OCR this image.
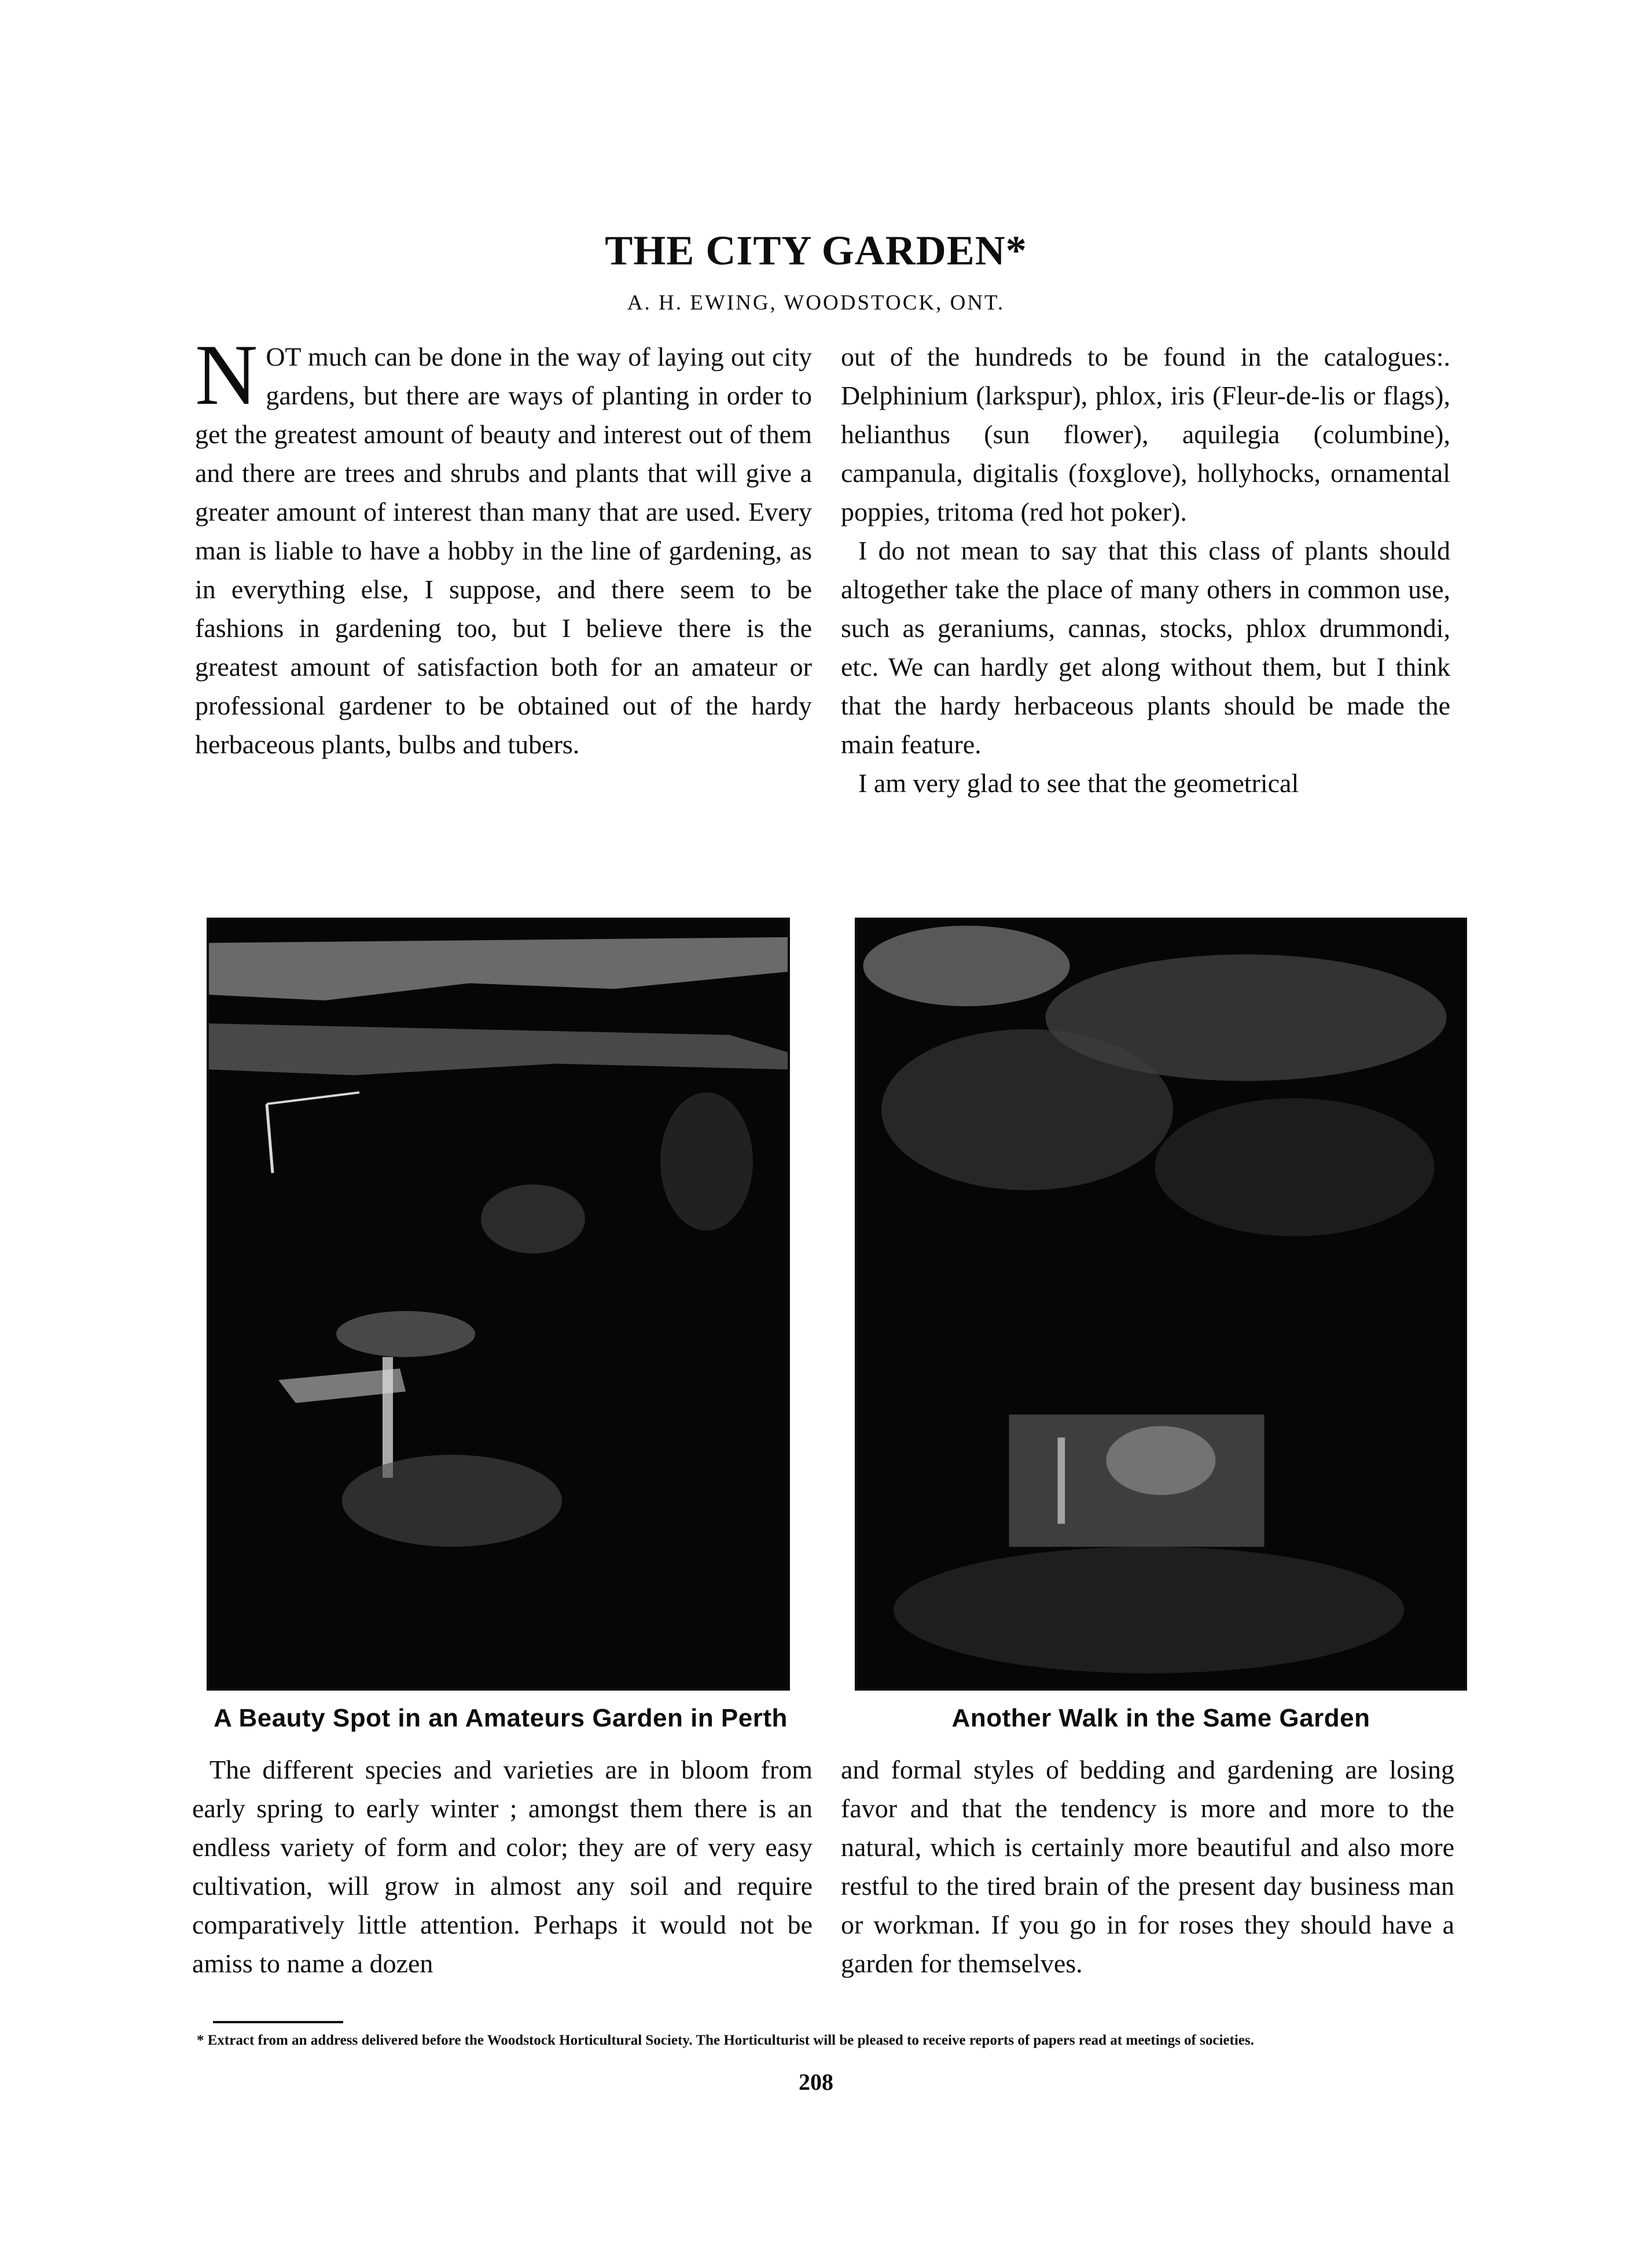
THE CITY GARDEN*
A. H. EWING, WOODSTOCK, ONT.

NOT much can be done in the way of laying out city gardens, but there are ways of planting in order to get the greatest amount of beauty and interest out of them and there are trees and shrubs and plants that will give a greater amount of interest than many that are used. Every man is liable to have a hobby in the line of gardening, as in everything else, I suppose, and there seem to be fashions in gardening too, but I believe there is the greatest amount of satisfaction both for an amateur or professional gardener to be obtained out of the hardy herbaceous plants, bulbs and tubers.

out of the hundreds to be found in the catalogues:. Delphinium (larkspur), phlox, iris (Fleur-de-lis or flags), helianthus (sun flower), aquilegia (columbine), campanula, digitalis (foxglove), hollyhocks, ornamental poppies, tritoma (red hot poker).

I do not mean to say that this class of plants should altogether take the place of many others in common use, such as geraniums, cannas, stocks, phlox drummondi, etc. We can hardly get along without them, but I think that the hardy herbaceous plants should be made the main feature.

I am very glad to see that the geometrical

A Beauty Spot in an Amateurs Garden in Perth	Another Walk in the Same Garden

The different species and varieties are in bloom from early spring to early winter ; amongst them there is an endless variety of form and color; they are of very easy cultivation, will grow in almost any soil and require comparatively little attention. Perhaps it would not be amiss to name a dozen

and formal styles of bedding and gardening are losing favor and that the tendency is more and more to the natural, which is certainly more beautiful and also more restful to the tired brain of the present day business man or workman. If you go in for roses they should have a garden for themselves.

* Extract from an address delivered before the Woodstock Horticultural Society. The Horticulturist will be pleased to receive reports of papers read at meetings of societies.
208
